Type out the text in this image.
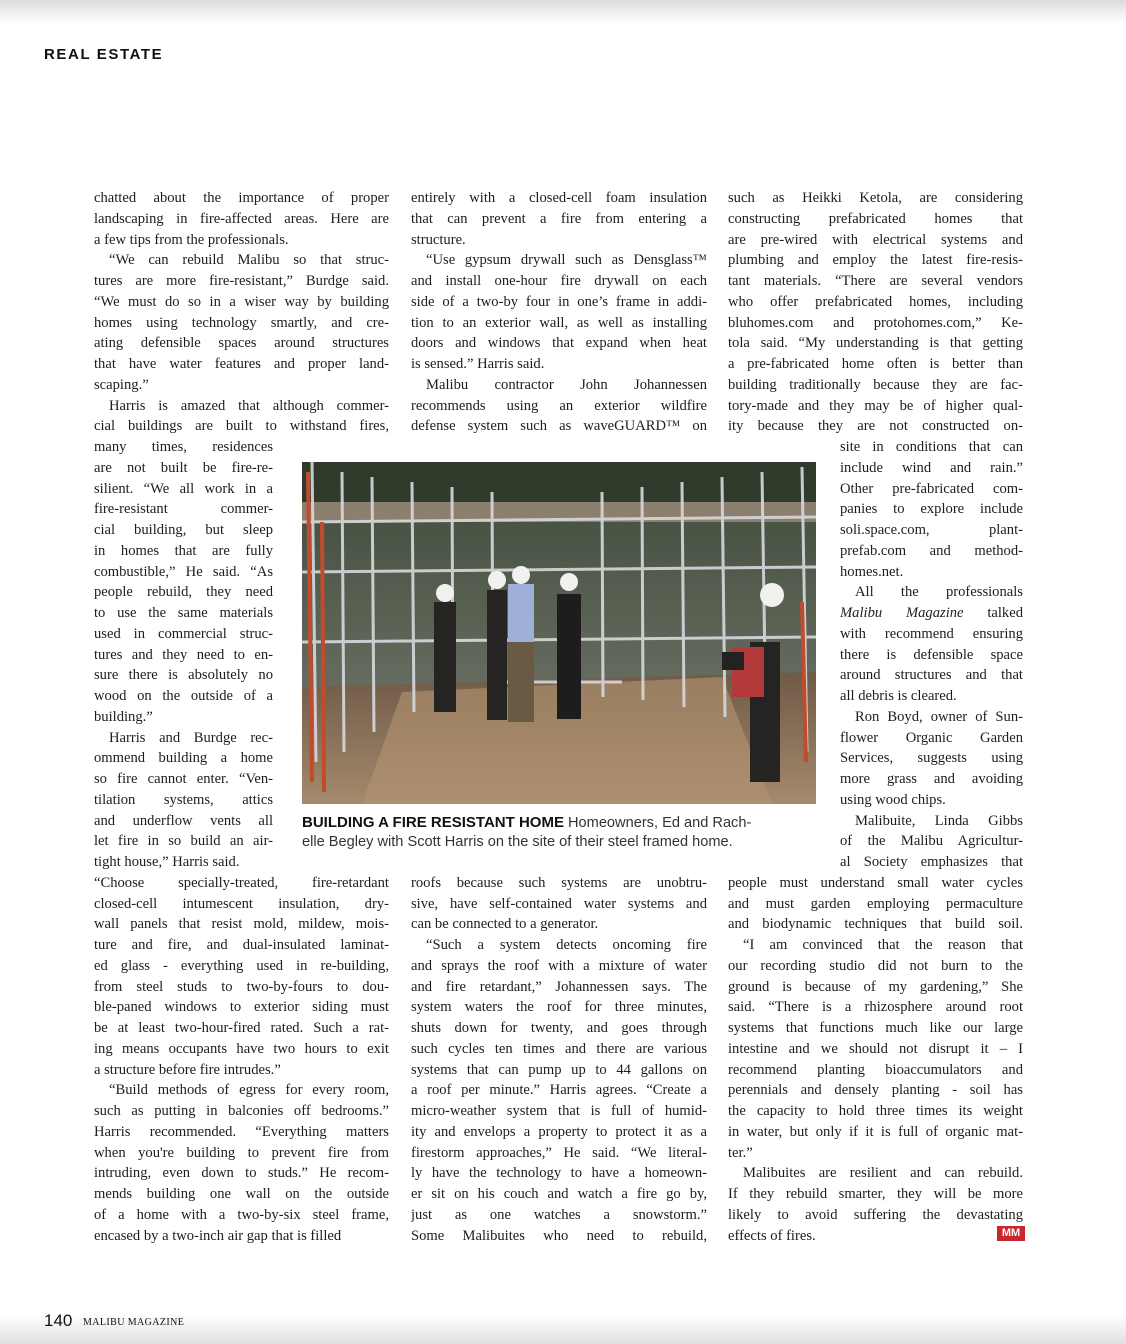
REAL ESTATE
chatted about the importance of proper
landscaping in fire-affected areas. Here are
a few tips from the professionals.
“We can rebuild Malibu so that struc-
tures are more fire-resistant,” Burdge said.
“We must do so in a wiser way by building
homes using technology smartly, and cre-
ating defensible spaces around structures
that have water features and proper land-
scaping.”
Harris is amazed that although commer-
cial buildings are built to withstand fires,
many times, residences
are not built be fire-re-
silient. “We all work in a
fire-resistant commer-
cial building, but sleep
in homes that are fully
combustible,” He said. “As
people rebuild, they need
to use the same materials
used in commercial struc-
tures and they need to en-
sure there is absolutely no
wood on the outside of a
building.”
Harris and Burdge rec-
ommend building a home
so fire cannot enter. “Ven-
tilation systems, attics
and underflow vents all
let fire in so build an air-
tight house,” Harris said.
“Choose specially-treated, fire-retardant
closed-cell intumescent insulation, dry-
wall panels that resist mold, mildew, mois-
ture and fire, and dual-insulated laminat-
ed glass - everything used in re-building,
from steel studs to two-by-fours to dou-
ble-paned windows to exterior siding must
be at least two-hour-fired rated. Such a rat-
ing means occupants have two hours to exit
a structure before fire intrudes.”
“Build methods of egress for every room,
such as putting in balconies off bedrooms.”
Harris recommended. “Everything matters
when you're building to prevent fire from
intruding, even down to studs.” He recom-
mends building one wall on the outside
of a home with a two-by-six steel frame,
encased by a two-inch air gap that is filled
entirely with a closed-cell foam insulation
that can prevent a fire from entering a
structure.
“Use gypsum drywall such as Densglass™
and install one-hour fire drywall on each
side of a two-by four in one’s frame in addi-
tion to an exterior wall, as well as installing
doors and windows that expand when heat
is sensed.” Harris said.
Malibu contractor John Johannessen
recommends using an exterior wildfire
defense system such as waveGUARD™ on
roofs because such systems are unobtru-
sive, have self-contained water systems and
can be connected to a generator.
“Such a system detects oncoming fire
and sprays the roof with a mixture of water
and fire retardant,” Johannessen says. The
system waters the roof for three minutes,
shuts down for twenty, and goes through
such cycles ten times and there are various
systems that can pump up to 44 gallons on
a roof per minute.” Harris agrees. “Create a
micro-weather system that is full of humid-
ity and envelops a property to protect it as a
firestorm approaches,” He said. “We literal-
ly have the technology to have a homeown-
er sit on his couch and watch a fire go by,
just as one watches a snowstorm.”
Some Malibuites who need to rebuild,
such as Heikki Ketola, are considering
constructing prefabricated homes that
are pre-wired with electrical systems and
plumbing and employ the latest fire-resis-
tant materials. “There are several vendors
who offer prefabricated homes, including
bluhomes.com and protohomes.com,” Ke-
tola said. “My understanding is that getting
a pre-fabricated home often is better than
building traditionally because they are fac-
tory-made and they may be of higher qual-
ity because they are not constructed on-
site in conditions that can
include wind and rain.”
Other pre-fabricated com-
panies to explore include
soli.space.com, plant-
prefab.com and method-
homes.net.
All the professionals
Malibu Magazine talked
with recommend ensuring
there is defensible space
around structures and that
all debris is cleared.
Ron Boyd, owner of Sun-
flower Organic Garden
Services, suggests using
more grass and avoiding
using wood chips.
Malibuite, Linda Gibbs
of the Malibu Agricultur-
al Society emphasizes that
people must understand small water cycles
and must garden employing permaculture
and biodynamic techniques that build soil.
“I am convinced that the reason that
our recording studio did not burn to the
ground is because of my gardening,” She
said. “There is a rhizosphere around root
systems that functions much like our large
intestine and we should not disrupt it – I
recommend planting bioaccumulators and
perennials and densely planting - soil has
the capacity to hold three times its weight
in water, but only if it is full of organic mat-
ter.”
Malibuites are resilient and can rebuild.
If they rebuild smarter, they will be more
likely to avoid suffering the devastating
effects of fires.
BUILDING A FIRE RESISTANT HOME Homeowners, Ed and Rach-
elle Begley with Scott Harris on the site of their steel framed home.
MM
140 MALIBU MAGAZINE
